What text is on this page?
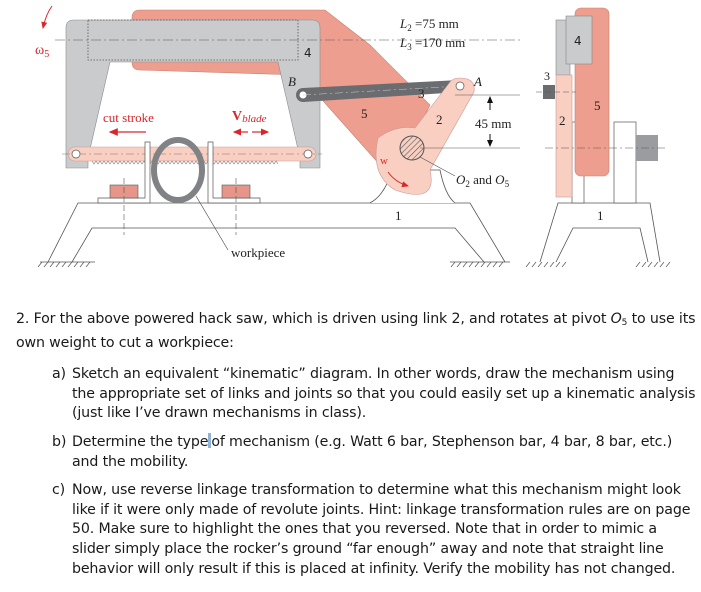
workpiece
45 mm
$\omega_5$
cut stroke	Vblade
w
B	A
4
3
5	2
1
$L_2 =75$ mm
$L_3 =170$ mm
$O_2$ and $O_5$
4
3
5
2
1

2. For the above powered hack saw, which is driven using link 2, and rotates at pivot $O_5$ to use its own weight to cut a workpiece:

a) Sketch an equivalent “kinematic” diagram. In other words, draw the mechanism using the appropriate set of links and joints so that you could easily set up a kinematic analysis (just like I’ve drawn mechanisms in class).
b) Determine the type of mechanism (e.g. Watt 6 bar, Stephenson bar, 4 bar, 8 bar, etc.) and the mobility.
c) Now, use reverse linkage transformation to determine what this mechanism might look like if it were only made of revolute joints. Hint: linkage transformation rules are on page 50. Make sure to highlight the ones that you reversed. Note that in order to mimic a slider simply place the rocker’s ground “far enough” away and note that straight line behavior will only result if this is placed at infinity. Verify the mobility has not changed.
